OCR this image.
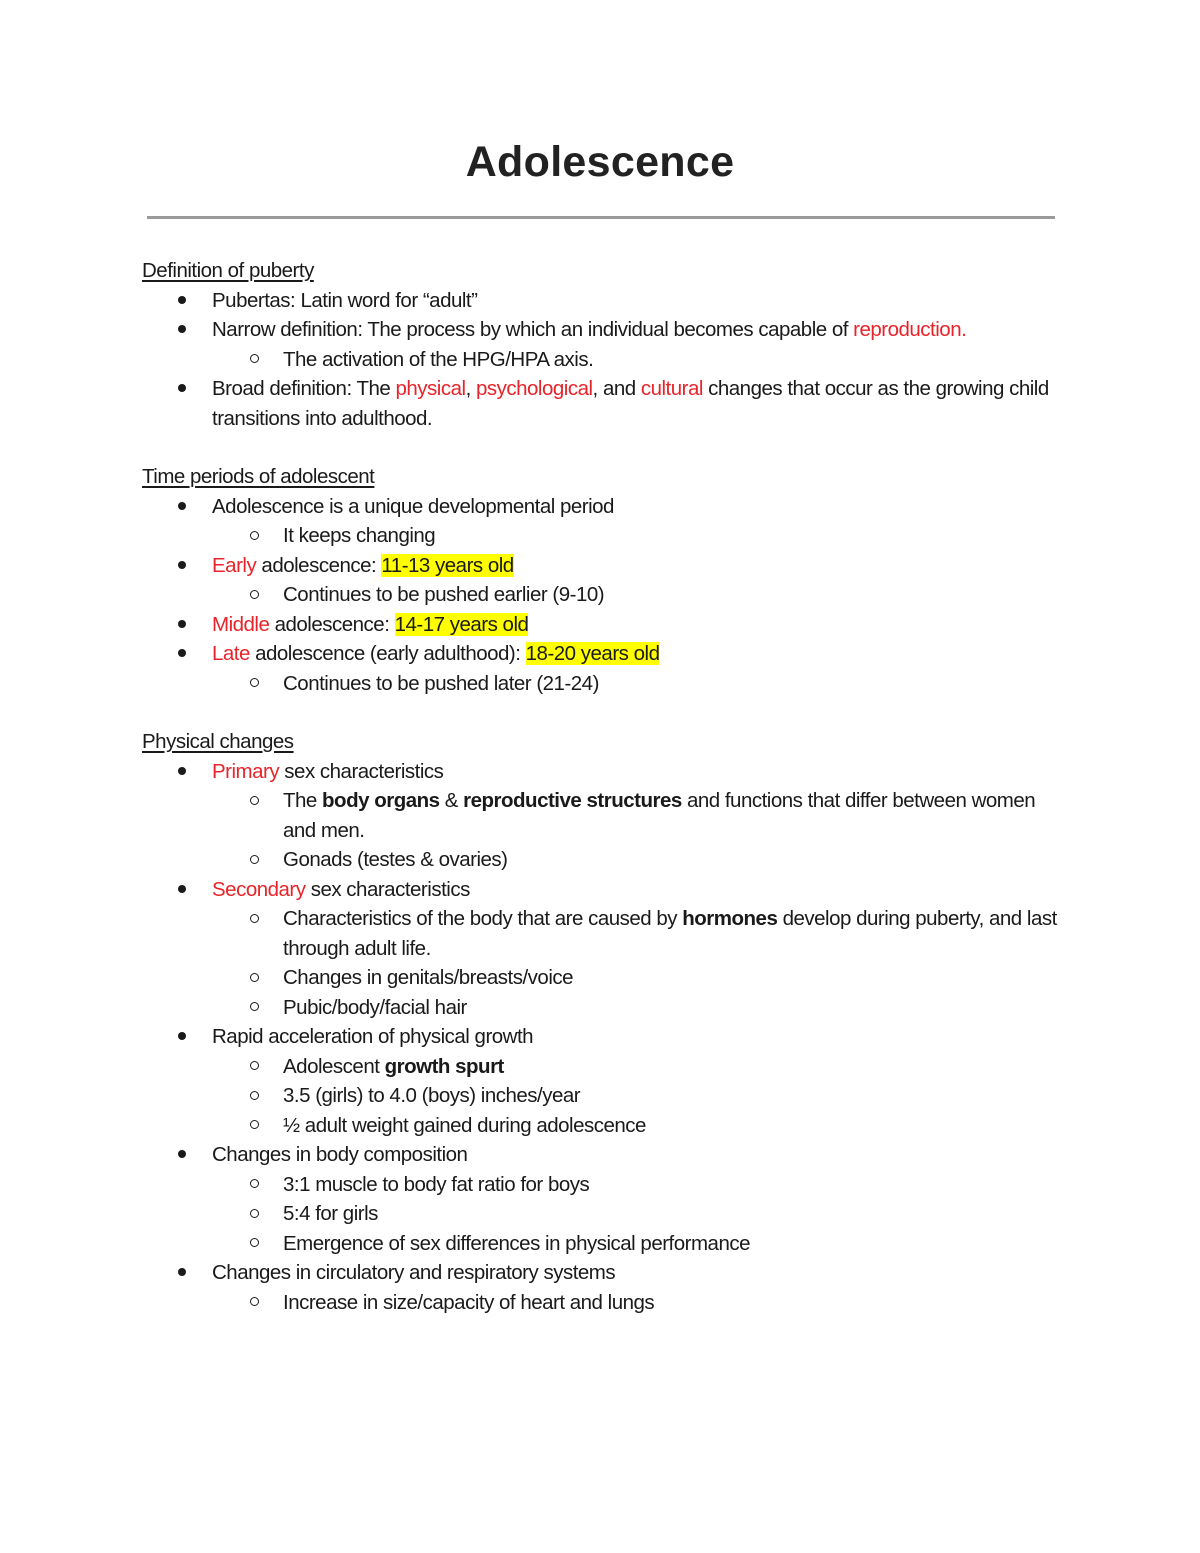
Adolescence
Definition of puberty
Pubertas: Latin word for “adult”
Narrow definition: The process by which an individual becomes capable of reproduction.
The activation of the HPG/HPA axis.
Broad definition: The physical, psychological, and cultural changes that occur as the growing child transitions into adulthood.
Time periods of adolescent
Adolescence is a unique developmental period
It keeps changing
Early adolescence: 11-13 years old
Continues to be pushed earlier (9-10)
Middle adolescence: 14-17 years old
Late adolescence (early adulthood): 18-20 years old
Continues to be pushed later (21-24)
Physical changes
Primary sex characteristics
The body organs & reproductive structures and functions that differ between women and men.
Gonads (testes & ovaries)
Secondary sex characteristics
Characteristics of the body that are caused by hormones develop during puberty, and last through adult life.
Changes in genitals/breasts/voice
Pubic/body/facial hair
Rapid acceleration of physical growth
Adolescent growth spurt
3.5 (girls) to 4.0 (boys) inches/year
½ adult weight gained during adolescence
Changes in body composition
3:1 muscle to body fat ratio for boys
5:4 for girls
Emergence of sex differences in physical performance
Changes in circulatory and respiratory systems
Increase in size/capacity of heart and lungs
